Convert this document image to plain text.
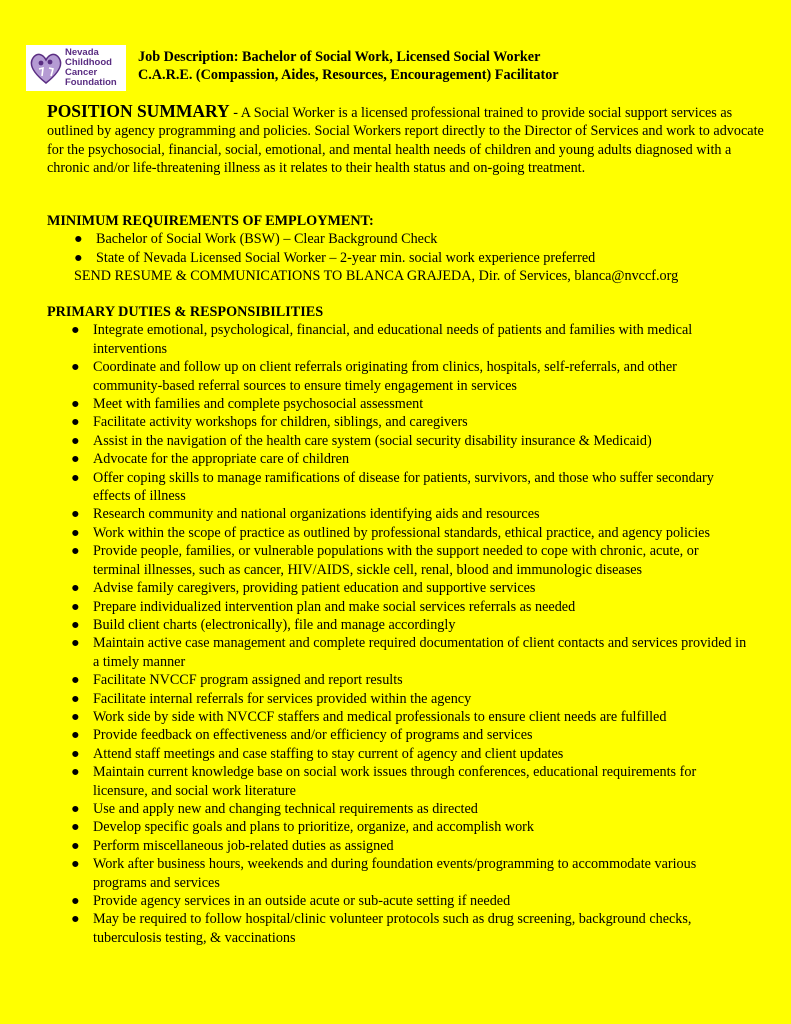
Nevada
Childhood
Cancer
Foundation
Job Description: Bachelor of Social Work, Licensed Social Worker
C.A.R.E. (Compassion, Aides, Resources, Encouragement) Facilitator
POSITION SUMMARY - A Social Worker is a licensed professional trained to provide social support services as outlined by agency programming and policies. Social Workers report directly to the Director of Services and work to advocate for the psychosocial, financial, social, emotional, and mental health needs of children and young adults diagnosed with a chronic and/or life-threatening illness as it relates to their health status and on-going treatment.
MINIMUM REQUIREMENTS OF EMPLOYMENT:
● Bachelor of Social Work (BSW) – Clear Background Check
● State of Nevada Licensed Social Worker – 2-year min. social work experience preferred
SEND RESUME & COMMUNICATIONS TO BLANCA GRAJEDA, Dir. of Services, blanca@nvccf.org
PRIMARY DUTIES & RESPONSIBILITIES
● Integrate emotional, psychological, financial, and educational needs of patients and families with medical interventions
● Coordinate and follow up on client referrals originating from clinics, hospitals, self-referrals, and other community-based referral sources to ensure timely engagement in services
● Meet with families and complete psychosocial assessment
● Facilitate activity workshops for children, siblings, and caregivers
● Assist in the navigation of the health care system (social security disability insurance & Medicaid)
● Advocate for the appropriate care of children
● Offer coping skills to manage ramifications of disease for patients, survivors, and those who suffer secondary effects of illness
● Research community and national organizations identifying aids and resources
● Work within the scope of practice as outlined by professional standards, ethical practice, and agency policies
● Provide people, families, or vulnerable populations with the support needed to cope with chronic, acute, or terminal illnesses, such as cancer, HIV/AIDS, sickle cell, renal, blood and immunologic diseases
● Advise family caregivers, providing patient education and supportive services
● Prepare individualized intervention plan and make social services referrals as needed
● Build client charts (electronically), file and manage accordingly
● Maintain active case management and complete required documentation of client contacts and services provided in a timely manner
● Facilitate NVCCF program assigned and report results
● Facilitate internal referrals for services provided within the agency
● Work side by side with NVCCF staffers and medical professionals to ensure client needs are fulfilled
● Provide feedback on effectiveness and/or efficiency of programs and services
● Attend staff meetings and case staffing to stay current of agency and client updates
● Maintain current knowledge base on social work issues through conferences, educational requirements for licensure, and social work literature
● Use and apply new and changing technical requirements as directed
● Develop specific goals and plans to prioritize, organize, and accomplish work
● Perform miscellaneous job-related duties as assigned
● Work after business hours, weekends and during foundation events/programming to accommodate various programs and services
● Provide agency services in an outside acute or sub-acute setting if needed
● May be required to follow hospital/clinic volunteer protocols such as drug screening, background checks, tuberculosis testing, & vaccinations
